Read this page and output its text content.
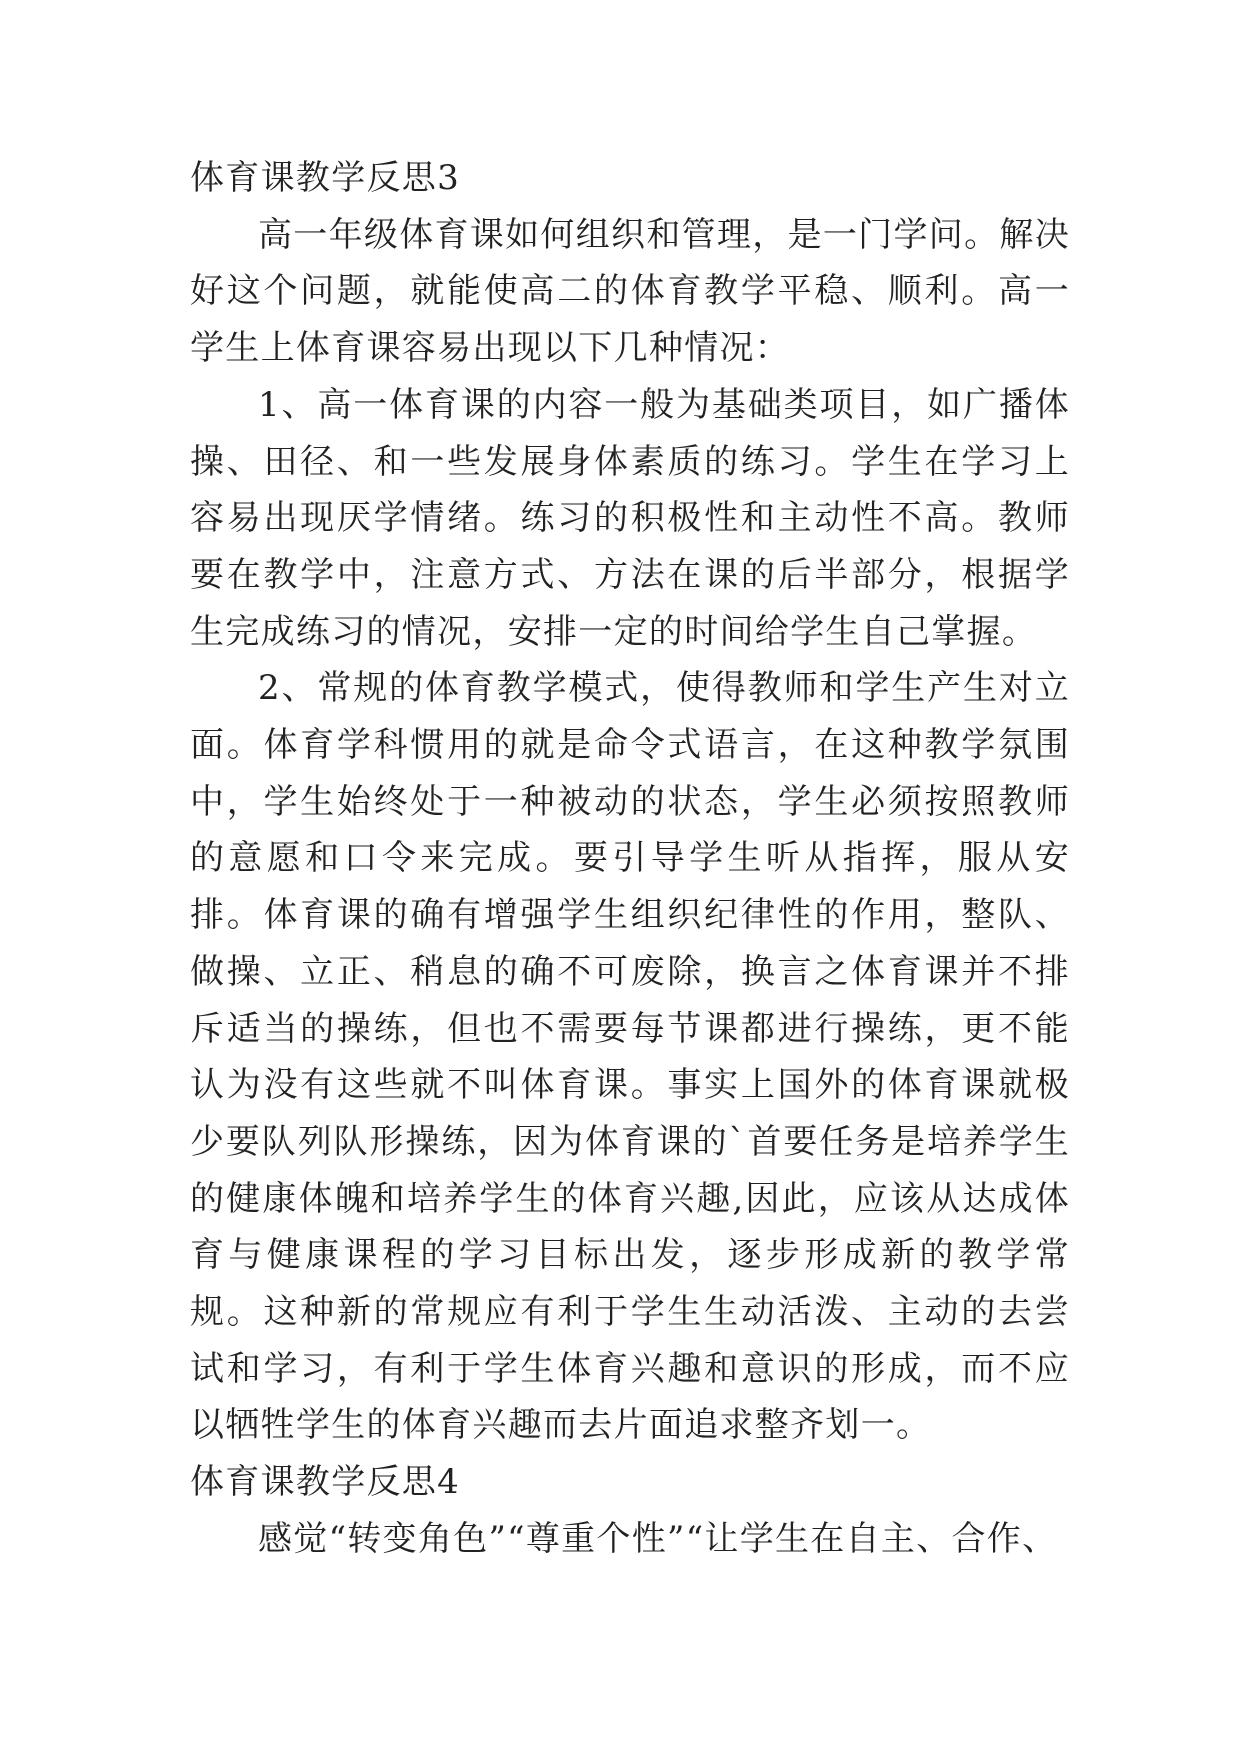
体育课教学反思3

高一年级体育课如何组织和管理，是一门学问。解决好这个问题，就能使高二的体育教学平稳、顺利。高一学生上体育课容易出现以下几种情况：

1、高一体育课的内容一般为基础类项目，如广播体操、田径、和一些发展身体素质的练习。学生在学习上容易出现厌学情绪。练习的积极性和主动性不高。教师要在教学中，注意方式、方法在课的后半部分，根据学生完成练习的情况，安排一定的时间给学生自己掌握。

2、常规的体育教学模式，使得教师和学生产生对立面。体育学科惯用的就是命令式语言，在这种教学氛围中，学生始终处于一种被动的状态，学生必须按照教师的意愿和口令来完成。要引导学生听从指挥，服从安排。体育课的确有增强学生组织纪律性的作用，整队、做操、立正、稍息的确不可废除，换言之体育课并不排斥适当的操练，但也不需要每节课都进行操练，更不能认为没有这些就不叫体育课。事实上国外的体育课就极少要队列队形操练，因为体育课的`首要任务是培养学生的健康体魄和培养学生的体育兴趣,因此，应该从达成体育与健康课程的学习目标出发，逐步形成新的教学常规。这种新的常规应有利于学生生动活泼、主动的去尝试和学习，有利于学生体育兴趣和意识的形成，而不应以牺牲学生的体育兴趣而去片面追求整齐划一。

体育课教学反思4

感觉“转变角色”“尊重个性”“让学生在自主、合作、
